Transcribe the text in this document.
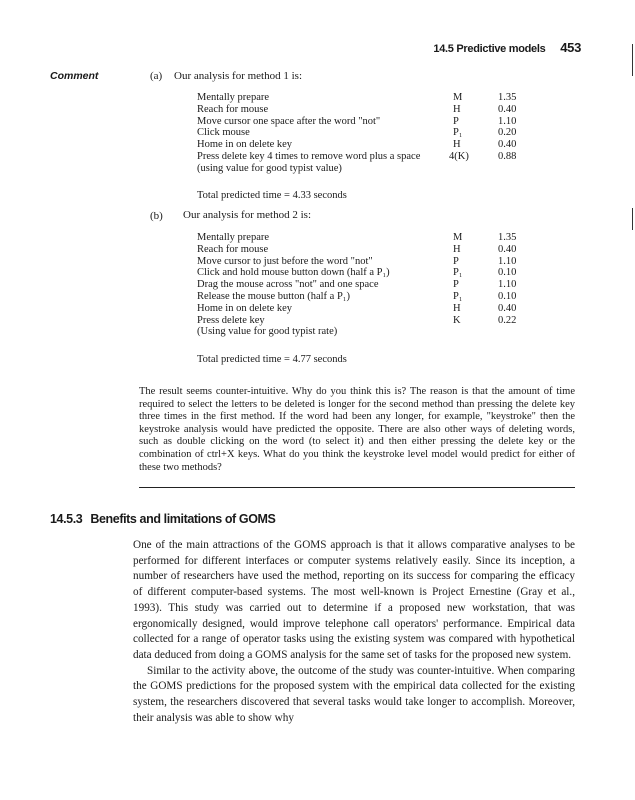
14.5 Predictive models 453
Comment	(a) Our analysis for method 1 is:
Mentally prepare	M	1.35
Reach for mouse	H	0.40
Move cursor one space after the word "not"	P	1.10
Click mouse	P₁	0.20
Home in on delete key	H	0.40
Press delete key 4 times to remove word plus a space	4(K)	0.88
(using value for good typist value)
Total predicted time = 4.33 seconds
(b) Our analysis for method 2 is:
Mentally prepare	M	1.35
Reach for mouse	H	0.40
Move cursor to just before the word "not"	P	1.10
Click and hold mouse button down (half a P₁)	P₁	0.10
Drag the mouse across "not" and one space	P	1.10
Release the mouse button (half a P₁)	P₁	0.10
Home in on delete key	H	0.40
Press delete key	K	0.22
(Using value for good typist rate)
Total predicted time = 4.77 seconds
The result seems counter-intuitive. Why do you think this is? The reason is that the amount of time required to select the letters to be deleted is longer for the second method than pressing the delete key three times in the first method. If the word had been any longer, for example, "keystroke" then the keystroke analysis would have predicted the opposite. There are also other ways of deleting words, such as double clicking on the word (to select it) and then either pressing the delete key or the combination of ctrl+X keys. What do you think the keystroke level model would predict for either of these two methods?
14.5.3 Benefits and limitations of GOMS

One of the main attractions of the GOMS approach is that it allows comparative analyses to be performed for different interfaces or computer systems relatively easily. Since its inception, a number of researchers have used the method, reporting on its success for comparing the efficacy of different computer-based systems. The most well-known is Project Ernestine (Gray et al., 1993). This study was carried out to determine if a proposed new workstation, that was ergonomically designed, would improve telephone call operators' performance. Empirical data collected for a range of operator tasks using the existing system was compared with hypothetical data deduced from doing a GOMS analysis for the same set of tasks for the proposed new system.

Similar to the activity above, the outcome of the study was counter-intuitive. When comparing the GOMS predictions for the proposed system with the empirical data collected for the existing system, the researchers discovered that several tasks would take longer to accomplish. Moreover, their analysis was able to show why
